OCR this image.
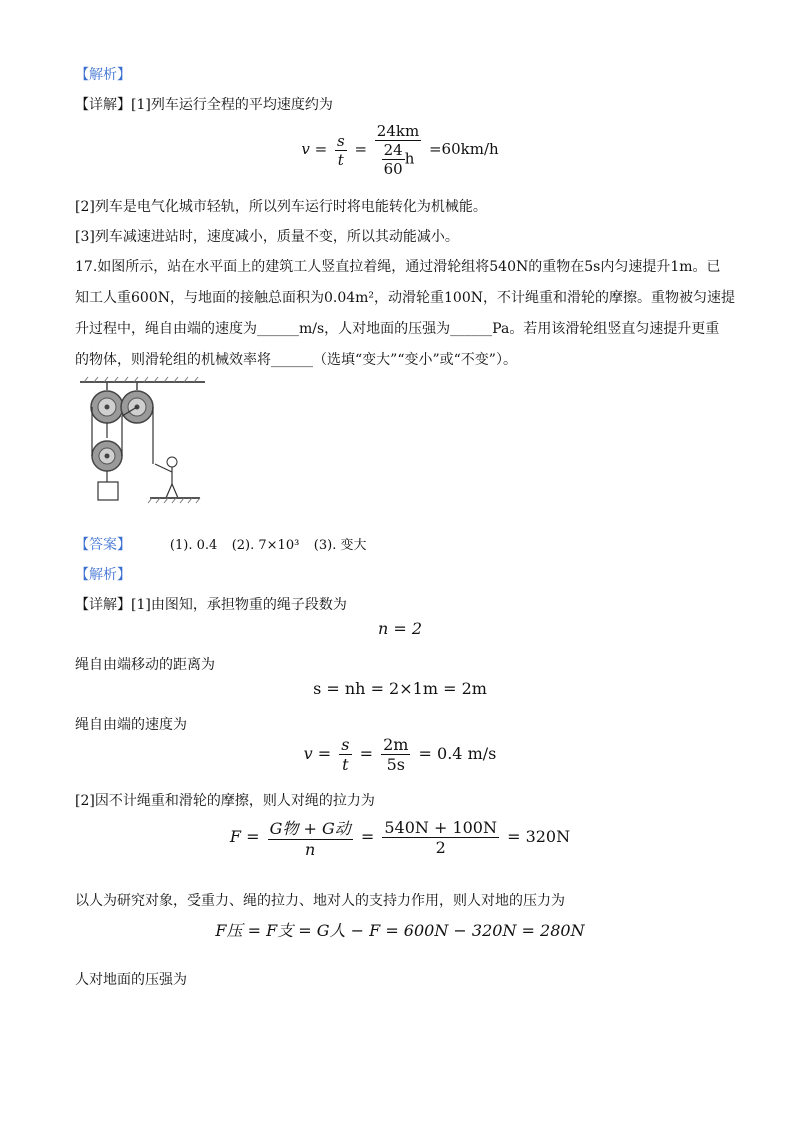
【解析】
【详解】[1]列车运行全程的平均速度约为
$v = \frac{s}{t} = \frac{24km}{\frac{24}{60} h} =60km/h$
[2]列车是电气化城市轻轨，所以列车运行时将电能转化为机械能。
[3]列车减速进站时，速度减小，质量不变，所以其动能减小。
17.如图所示，站在水平面上的建筑工人竖直拉着绳，通过滑轮组将540N的重物在5s内匀速提升1m。已
知工人重600N，与地面的接触总面积为0.04m²，动滑轮重100N，不计绳重和滑轮的摩擦。重物被匀速提
升过程中，绳自由端的速度为______m/s，人对地面的压强为______Pa。若用该滑轮组竖直匀速提升更重
的物体，则滑轮组的机械效率将______（选填“变大”“变小”或“不变”）。
【答案】	(1). 0.4 (2). 7×10³ (3). 变大
【解析】
【详解】[1]由图知，承担物重的绳子段数为
n = 2
绳自由端移动的距离为
s = nh = 2×1m = 2m
绳自由端的速度为
$v = \frac{s}{t} = \frac{2m}{5s} = 0.4$ m/s
[2]因不计绳重和滑轮的摩擦，则人对绳的拉力为
$F = \frac{\text{G物 + G动}}{n} = \frac{540N + 100N}{2} = 320N$
以人为研究对象，受重力、绳的拉力、地对人的支持力作用，则人对地的压力为
F压 = F支 = G人 − F = 600N − 320N = 280N
人对地面的压强为
